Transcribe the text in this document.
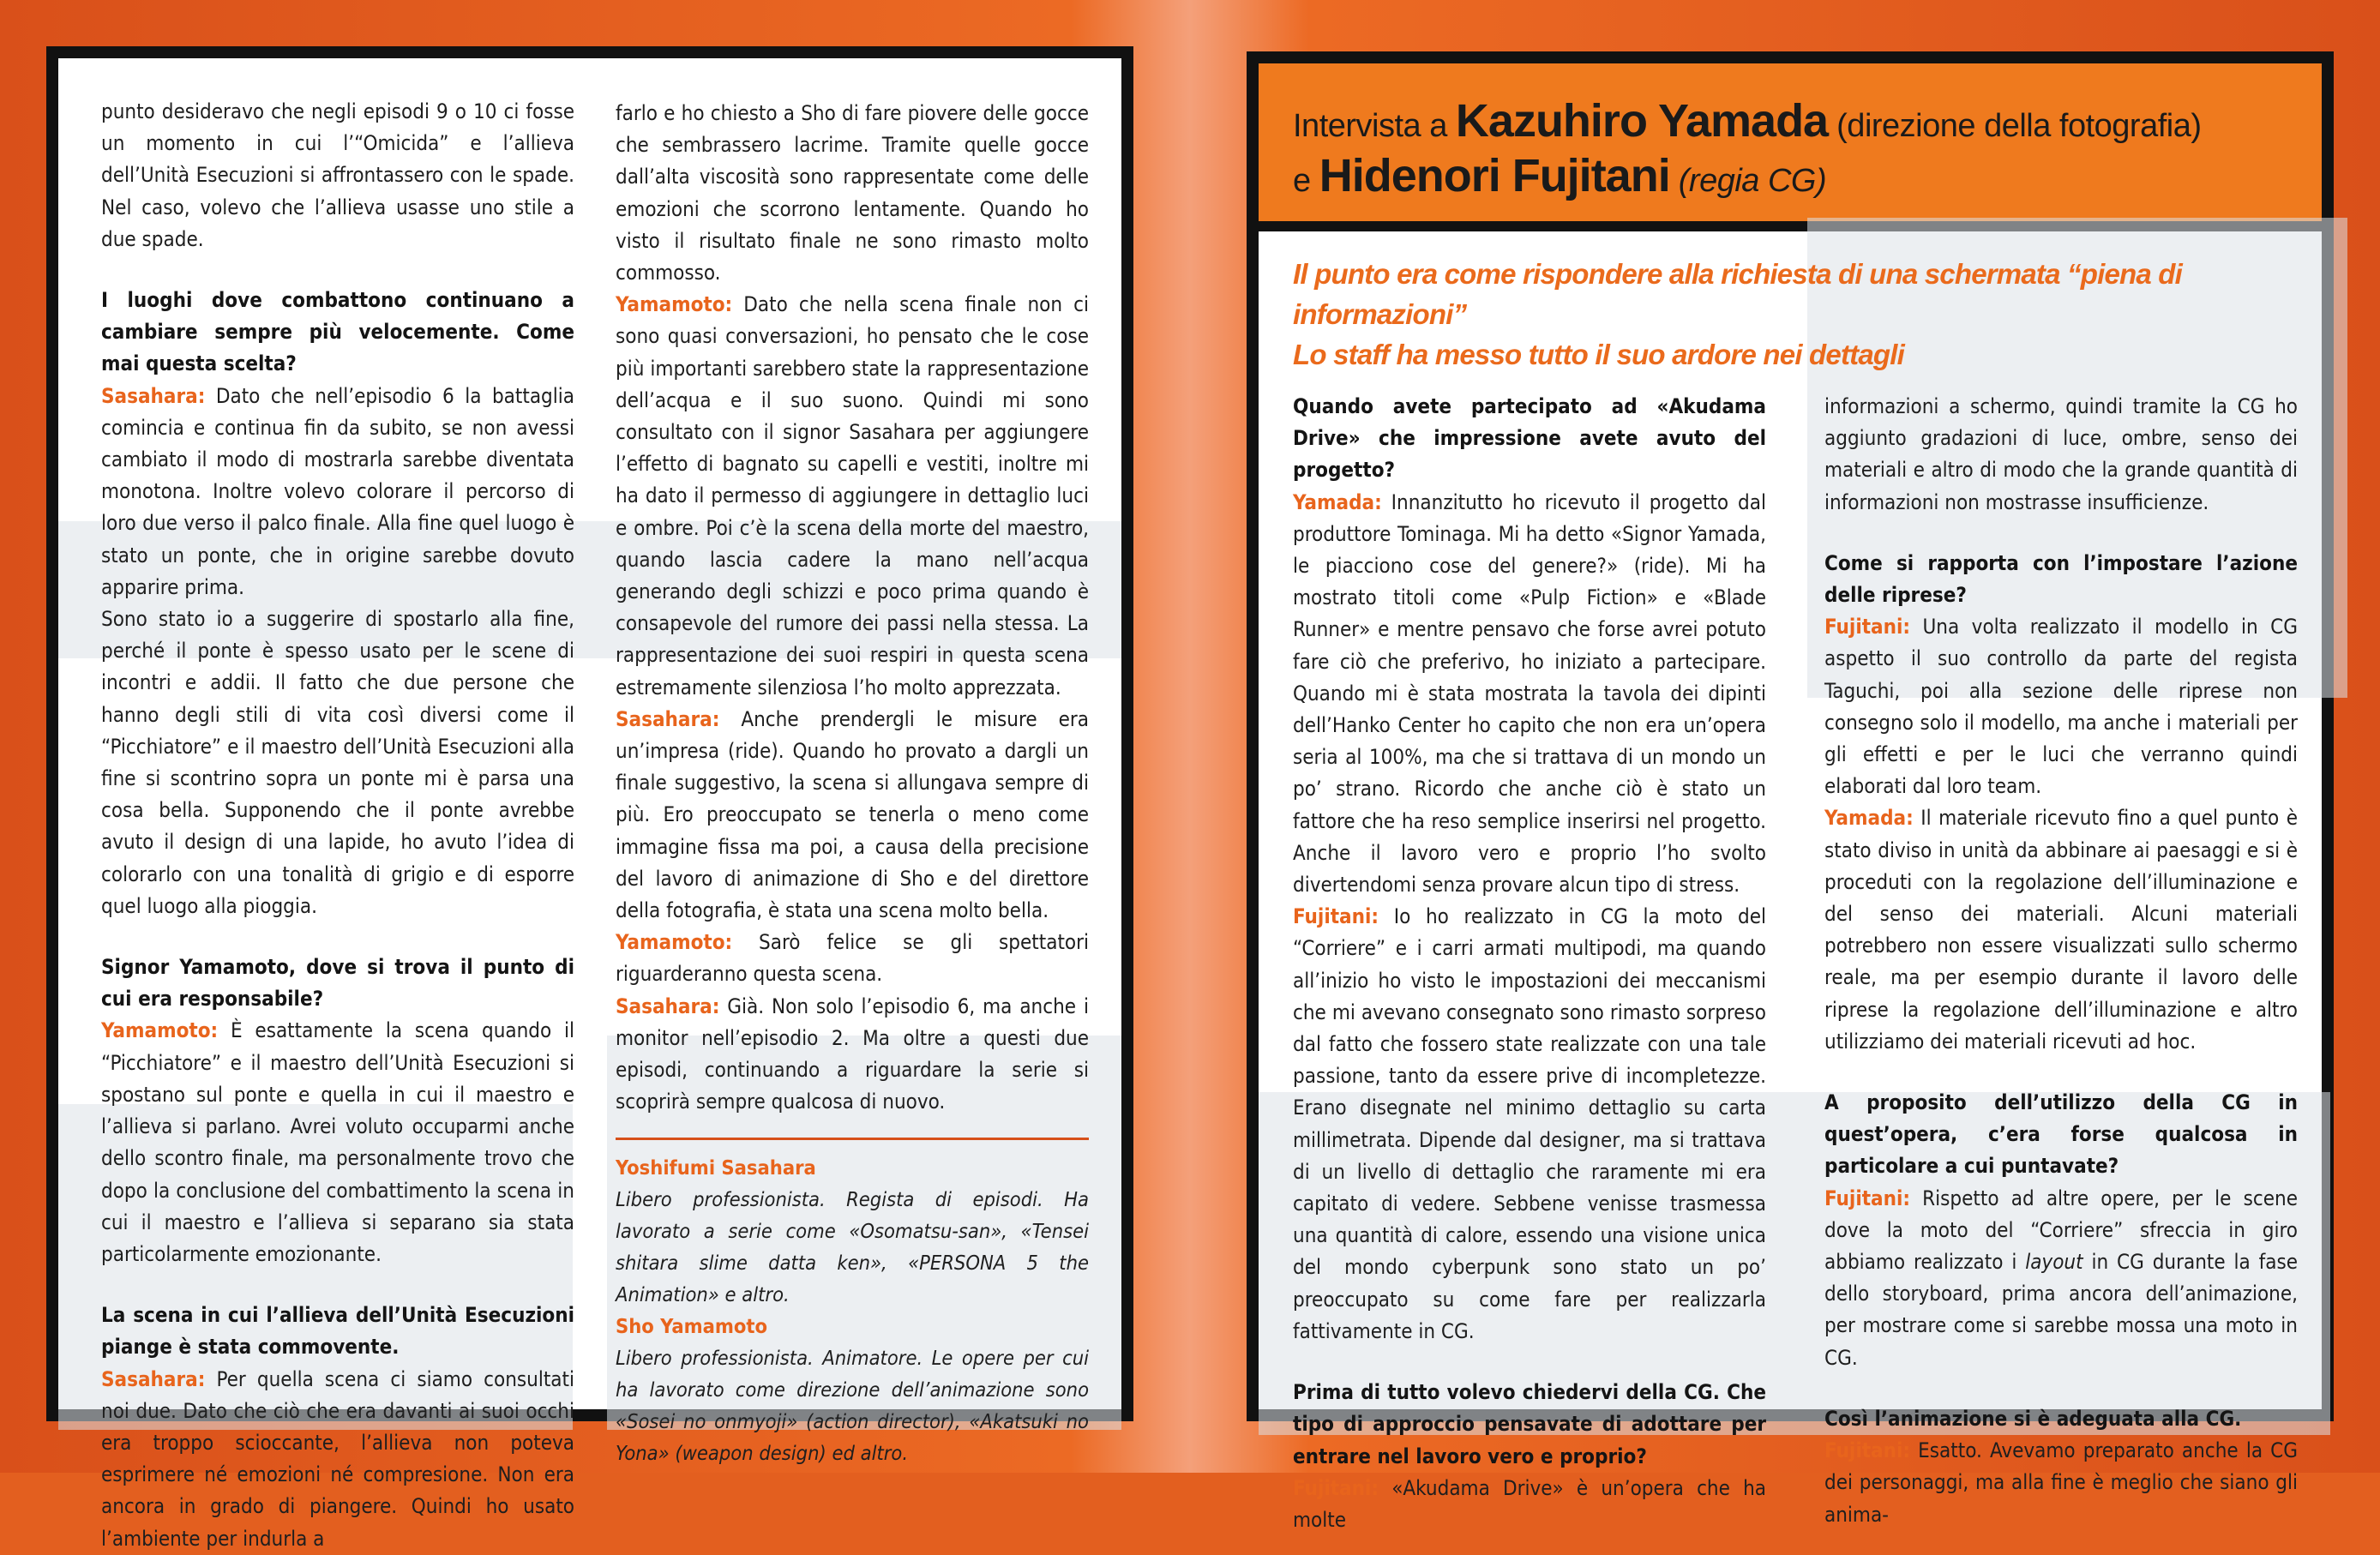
punto desideravo che negli episodi 9 o 10 ci fosse un momento in cui l’“Omicida” e l’allieva dell’Unità Esecuzioni si affrontassero con le spade. Nel caso, volevo che l’allieva usasse uno stile a due spade.

I luoghi dove combattono continuano a cambiare sempre più velocemente. Come mai questa scelta?

Sasahara: Dato che nell’episodio 6 la battaglia comincia e continua fin da subito, se non avessi cambiato il modo di mostrarla sarebbe diventata monotona. Inoltre volevo colorare il percorso di loro due verso il palco finale. Alla fine quel luogo è stato un ponte, che in origine sarebbe dovuto apparire prima.

Sono stato io a suggerire di spostarlo alla fine, perché il ponte è spesso usato per le scene di incontri e addii. Il fatto che due persone che hanno degli stili di vita così diversi come il “Picchiatore” e il maestro dell’Unità Esecuzioni alla fine si scontrino sopra un ponte mi è parsa una cosa bella. Supponendo che il ponte avrebbe avuto il design di una lapide, ho avuto l’idea di colorarlo con una tonalità di grigio e di esporre quel luogo alla pioggia.

Signor Yamamoto, dove si trova il punto di cui era responsabile?

Yamamoto: È esattamente la scena quando il “Picchiatore” e il maestro dell’Unità Esecuzioni si spostano sul ponte e quella in cui il maestro e l’allieva si parlano. Avrei voluto occuparmi anche dello scontro finale, ma personalmente trovo che dopo la conclusione del combattimento la scena in cui il maestro e l’allieva si separano sia stata particolarmente emozionante.

La scena in cui l’allieva dell’Unità Esecuzioni piange è stata commovente.

Sasahara: Per quella scena ci siamo consultati noi due. Dato che ciò che era davanti ai suoi occhi era troppo scioccante, l’allieva non poteva esprimere né emozioni né compresione. Non era ancora in grado di piangere. Quindi ho usato l’ambiente per indurla a

farlo e ho chiesto a Sho di fare piovere delle gocce che sembrassero lacrime. Tramite quelle gocce dall’alta viscosità sono rappresentate come delle emozioni che scorrono lentamente. Quando ho visto il risultato finale ne sono rimasto molto commosso.

Yamamoto: Dato che nella scena finale non ci sono quasi conversazioni, ho pensato che le cose più importanti sarebbero state la rappresentazione dell’acqua e il suo suono. Quindi mi sono consultato con il signor Sasahara per aggiungere l’effetto di bagnato su capelli e vestiti, inoltre mi ha dato il permesso di aggiungere in dettaglio luci e ombre. Poi c’è la scena della morte del maestro, quando lascia cadere la mano nell’acqua generando degli schizzi e poco prima quando è consapevole del rumore dei passi nella stessa. La rappresentazione dei suoi respiri in questa scena estremamente silenziosa l’ho molto apprezzata.

Sasahara: Anche prendergli le misure era un’impresa (ride). Quando ho provato a dargli un finale suggestivo, la scena si allungava sempre di più. Ero preoccupato se tenerla o meno come immagine fissa ma poi, a causa della precisione del lavoro di animazione di Sho e del direttore della fotografia, è stata una scena molto bella.

Yamamoto: Sarò felice se gli spettatori riguarderanno questa scena.

Sasahara: Già. Non solo l’episodio 6, ma anche i monitor nell’episodio 2. Ma oltre a questi due episodi, continuando a riguardare la serie si scoprirà sempre qualcosa di nuovo.

Yoshifumi Sasahara
Libero professionista. Regista di episodi. Ha lavorato a serie come «Osomatsu-san», «Tensei shitara slime datta ken», «PERSONA 5 the Animation» e altro.
Sho Yamamoto
Libero professionista. Animatore. Le opere per cui ha lavorato come direzione dell’animazione sono «Sosei no onmyoji» (action director), «Akatsuki no Yona» (weapon design) ed altro.
Intervista a Kazuhiro Yamada (direzione della fotografia)
e Hidenori Fujitani (regia CG)
Il punto era come rispondere alla richiesta di una schermata “piena di informazioni”
Lo staff ha messo tutto il suo ardore nei dettagli

Quando avete partecipato ad «Akudama Drive» che impressione avete avuto del progetto?

Yamada: Innanzitutto ho ricevuto il progetto dal produttore Tominaga. Mi ha detto «Signor Yamada, le piacciono cose del genere?» (ride). Mi ha mostrato titoli come «Pulp Fiction» e «Blade Runner» e mentre pensavo che forse avrei potuto fare ciò che preferivo, ho iniziato a partecipare. Quando mi è stata mostrata la tavola dei dipinti dell’Hanko Center ho capito che non era un’opera seria al 100%, ma che si trattava di un mondo un po’ strano. Ricordo che anche ciò è stato un fattore che ha reso semplice inserirsi nel progetto. Anche il lavoro vero e proprio l’ho svolto divertendomi senza provare alcun tipo di stress.

Fujitani: Io ho realizzato in CG la moto del “Corriere” e i carri armati multipodi, ma quando all’inizio ho visto le impostazioni dei meccanismi che mi avevano consegnato sono rimasto sorpreso dal fatto che fossero state realizzate con una tale passione, tanto da essere prive di incompletezze. Erano disegnate nel minimo dettaglio su carta millimetrata. Dipende dal designer, ma si trattava di un livello di dettaglio che raramente mi era capitato di vedere. Sebbene venisse trasmessa una quantità di calore, essendo una visione unica del mondo cyberpunk sono stato un po’ preoccupato su come fare per realizzarla fattivamente in CG.

Prima di tutto volevo chiedervi della CG. Che tipo di approccio pensavate di adottare per entrare nel lavoro vero e proprio?

Fujitani: «Akudama Drive» è un’opera che ha molte

informazioni a schermo, quindi tramite la CG ho aggiunto gradazioni di luce, ombre, senso dei materiali e altro di modo che la grande quantità di informazioni non mostrasse insufficienze.

Come si rapporta con l’impostare l’azione delle riprese?

Fujitani: Una volta realizzato il modello in CG aspetto il suo controllo da parte del regista Taguchi, poi alla sezione delle riprese non consegno solo il modello, ma anche i materiali per gli effetti e per le luci che verranno quindi elaborati dal loro team.

Yamada: Il materiale ricevuto fino a quel punto è stato diviso in unità da abbinare ai paesaggi e si è proceduti con la regolazione dell’illuminazione e del senso dei materiali. Alcuni materiali potrebbero non essere visualizzati sullo schermo reale, ma per esempio durante il lavoro delle riprese la regolazione dell’illuminazione e altro utilizziamo dei materiali ricevuti ad hoc.

A proposito dell’utilizzo della CG in quest’opera, c’era forse qualcosa in particolare a cui puntavate?

Fujitani: Rispetto ad altre opere, per le scene dove la moto del “Corriere” sfreccia in giro abbiamo realizzato i layout in CG durante la fase dello storyboard, prima ancora dell’animazione, per mostrare come si sarebbe mossa una moto in CG.

Così l’animazione si è adeguata alla CG.

Fujitani: Esatto. Avevamo preparato anche la CG dei personaggi, ma alla fine è meglio che siano gli anima-
